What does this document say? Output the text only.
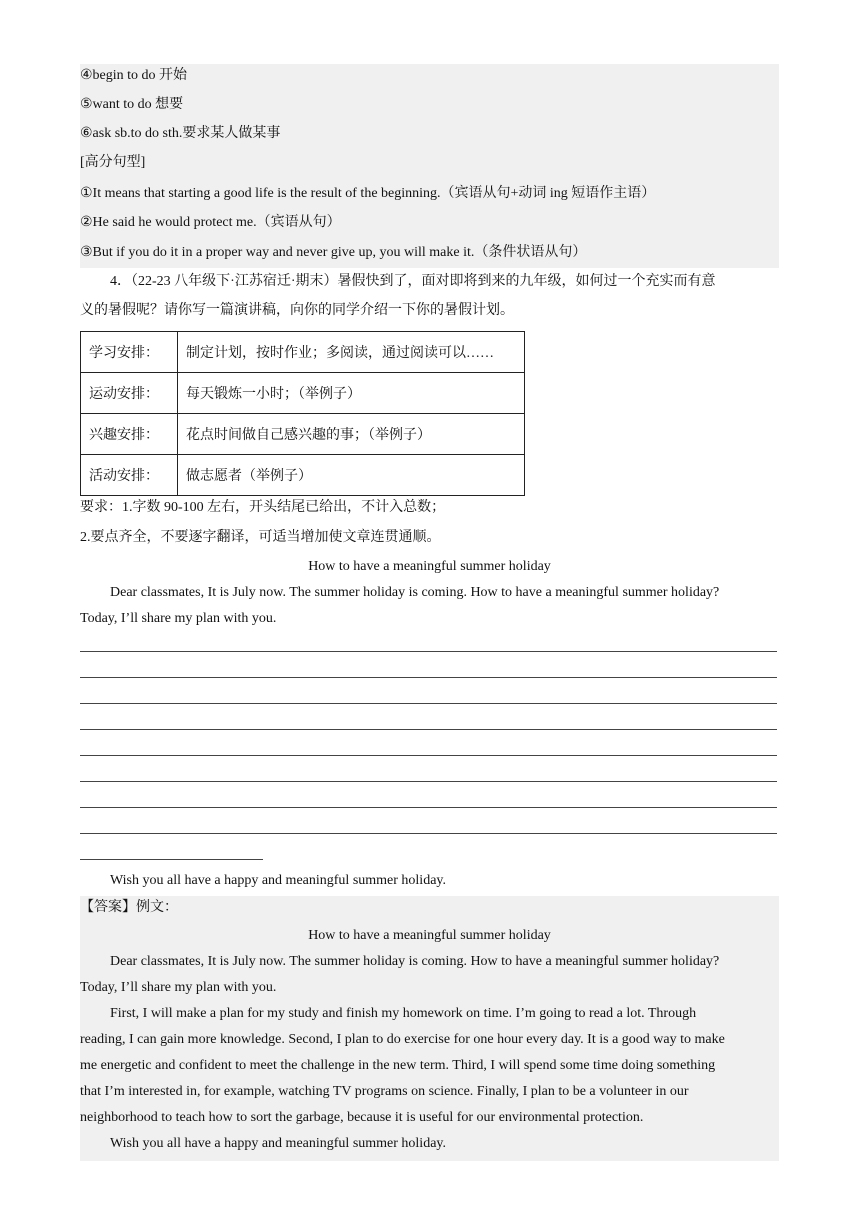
④begin to do 开始
⑤want to do 想要
⑥ask sb.to do sth.要求某人做某事
[高分句型]
①It means that starting a good life is the result of the beginning.（宾语从句+动词 ing 短语作主语）
②He said he would protect me.（宾语从句）
③But if you do it in a proper way and never give up, you will make it.（条件状语从句）
4．（22-23 八年级下·江苏宿迁·期末）暑假快到了，面对即将到来的九年级，如何过一个充实而有意
义的暑假呢？请你写一篇演讲稿，向你的同学介绍一下你的暑假计划。
学习安排：	制定计划，按时作业；多阅读，通过阅读可以……
运动安排：	每天锻炼一小时；（举例子）
兴趣安排：	花点时间做自己感兴趣的事；（举例子）
活动安排：	做志愿者（举例子）
要求：1.字数 90-100 左右，开头结尾已给出，不计入总数；
2.要点齐全，不要逐字翻译，可适当增加使文章连贯通顺。
How to have a meaningful summer holiday
Dear classmates, It is July now. The summer holiday is coming. How to have a meaningful summer holiday?
Today, I’ll share my plan with you.
Wish you all have a happy and meaningful summer holiday.
【答案】例文：
How to have a meaningful summer holiday
Dear classmates, It is July now. The summer holiday is coming. How to have a meaningful summer holiday?
Today, I’ll share my plan with you.
First, I will make a plan for my study and finish my homework on time. I’m going to read a lot. Through
reading, I can gain more knowledge. Second, I plan to do exercise for one hour every day. It is a good way to make
me energetic and confident to meet the challenge in the new term. Third, I will spend some time doing something
that I’m interested in, for example, watching TV programs on science. Finally, I plan to be a volunteer in our
neighborhood to teach how to sort the garbage, because it is useful for our environmental protection.
Wish you all have a happy and meaningful summer holiday.
